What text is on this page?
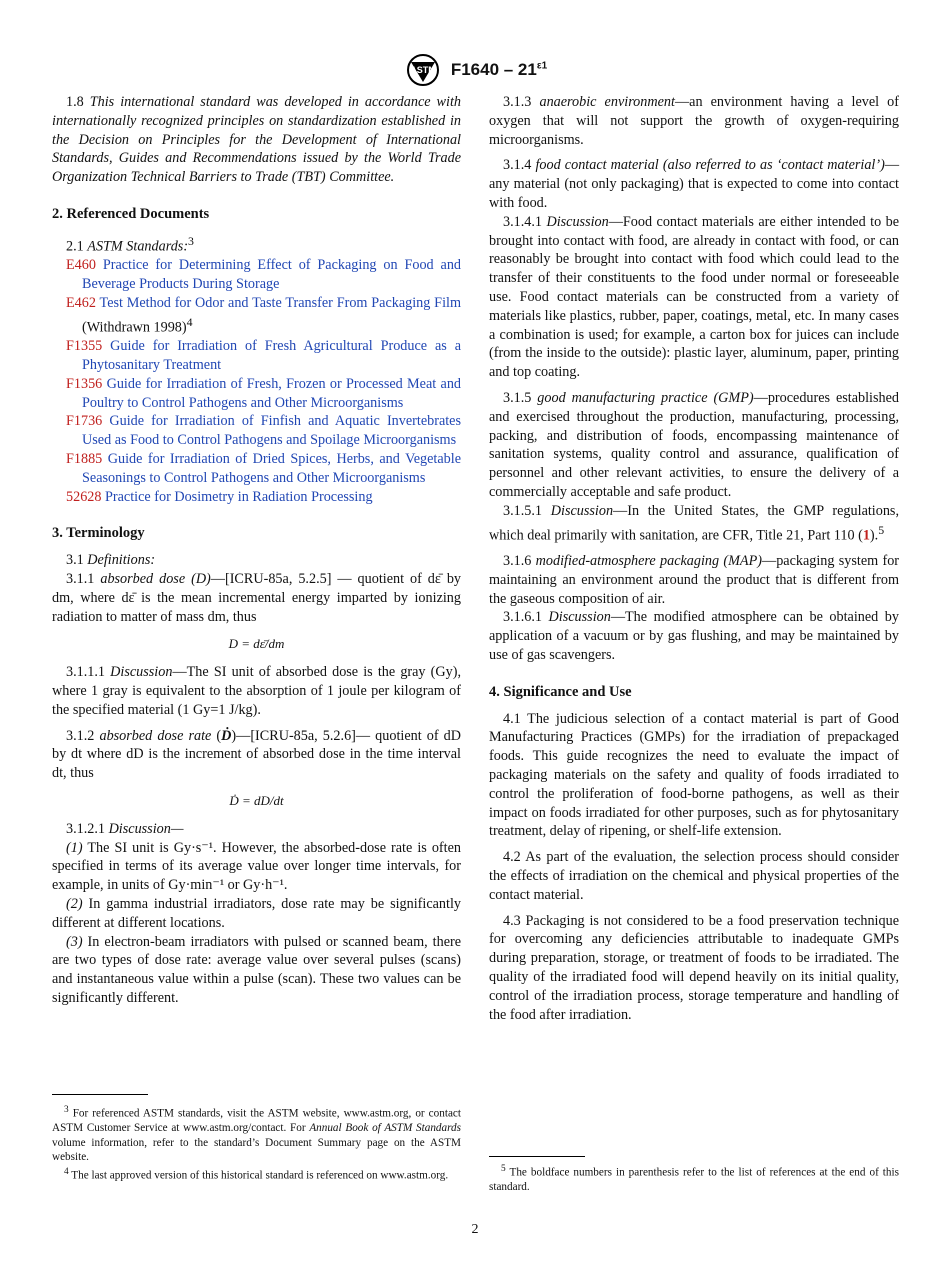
ASTM $F1640 - 21^{\varepsilon 1}$

1.8 This international standard was developed in accordance with internationally recognized principles on standardization established in the Decision on Principles for the Development of International Standards, Guides and Recommendations issued by the World Trade Organization Technical Barriers to Trade (TBT) Committee.

2. Referenced Documents

2.1 ASTM Standards:$^3$

E460 Practice for Determining Effect of Packaging on Food and Beverage Products During Storage

E462 Test Method for Odor and Taste Transfer From Packaging Film (Withdrawn 1998)$^4$

F1355 Guide for Irradiation of Fresh Agricultural Produce as a Phytosanitary Treatment

F1356 Guide for Irradiation of Fresh, Frozen or Processed Meat and Poultry to Control Pathogens and Other Microorganisms

F1736 Guide for Irradiation of Finfish and Aquatic Invertebrates Used as Food to Control Pathogens and Spoilage Microorganisms

F1885 Guide for Irradiation of Dried Spices, Herbs, and Vegetable Seasonings to Control Pathogens and Other Microorganisms

52628 Practice for Dosimetry in Radiation Processing

3. Terminology

3.1 Definitions:

3.1.1 absorbed dose (D)—[ICRU-85a, 5.2.5] — quotient of dε̄ by dm, where dε̄ is the mean incremental energy imparted by ionizing radiation to matter of mass dm, thus

D = dε̄/dm

3.1.1.1 Discussion—The SI unit of absorbed dose is the gray (Gy), where 1 gray is equivalent to the absorption of 1 joule per kilogram of the specified material (1 Gy=1 J/kg).

3.1.2 absorbed dose rate (Ḋ)—[ICRU-85a, 5.2.6]— quotient of dD by dt where dD is the increment of absorbed dose in the time interval dt, thus

Ḋ = dD/dt

3.1.2.1 Discussion—

(1) The SI unit is Gy·s⁻¹. However, the absorbed-dose rate is often specified in terms of its average value over longer time intervals, for example, in units of Gy·min⁻¹ or Gy·h⁻¹.

(2) In gamma industrial irradiators, dose rate may be significantly different at different locations.

(3) In electron-beam irradiators with pulsed or scanned beam, there are two types of dose rate: average value over several pulses (scans) and instantaneous value within a pulse (scan). These two values can be significantly different.

$^3$ For referenced ASTM standards, visit the ASTM website, www.astm.org, or contact ASTM Customer Service at www.astm.org/contact. For Annual Book of ASTM Standards volume information, refer to the standard’s Document Summary page on the ASTM website.

$^4$ The last approved version of this historical standard is referenced on www.astm.org.

3.1.3 anaerobic environment—an environment having a level of oxygen that will not support the growth of oxygen-requiring microorganisms.

3.1.4 food contact material (also referred to as ‘contact material’)—any material (not only packaging) that is expected to come into contact with food.

3.1.4.1 Discussion—Food contact materials are either intended to be brought into contact with food, are already in contact with food, or can reasonably be brought into contact with food which could lead to the transfer of their constituents to the food under normal or foreseeable use. Food contact materials can be constructed from a variety of materials like plastics, rubber, paper, coatings, metal, etc. In many cases a combination is used; for example, a carton box for juices can include (from the inside to the outside): plastic layer, aluminum, paper, printing and top coating.

3.1.5 good manufacturing practice (GMP)—procedures established and exercised throughout the production, manufacturing, processing, packing, and distribution of foods, encompassing maintenance of sanitation systems, quality control and assurance, qualification of personnel and other relevant activities, to ensure the delivery of a commercially acceptable and safe product.

3.1.5.1 Discussion—In the United States, the GMP regulations, which deal primarily with sanitation, are CFR, Title 21, Part 110 (1).$^5$

3.1.6 modified-atmosphere packaging (MAP)—packaging system for maintaining an environment around the product that is different from the gaseous composition of air.

3.1.6.1 Discussion—The modified atmosphere can be obtained by application of a vacuum or by gas flushing, and may be maintained by use of gas scavengers.

4. Significance and Use

4.1 The judicious selection of a contact material is part of Good Manufacturing Practices (GMPs) for the irradiation of prepackaged foods. This guide recognizes the need to evaluate the impact of packaging materials on the safety and quality of foods irradiated to control the proliferation of food-borne pathogens, as well as their impact on foods irradiated for other purposes, such as for phytosanitary treatment, delay of ripening, or shelf-life extension.

4.2 As part of the evaluation, the selection process should consider the effects of irradiation on the chemical and physical properties of the contact material.

4.3 Packaging is not considered to be a food preservation technique for overcoming any deficiencies attributable to inadequate GMPs during preparation, storage, or treatment of foods to be irradiated. The quality of the irradiated food will depend heavily on its initial quality, control of the irradiation process, storage temperature and handling of the food after irradiation.

$^5$ The boldface numbers in parenthesis refer to the list of references at the end of this standard.

2
